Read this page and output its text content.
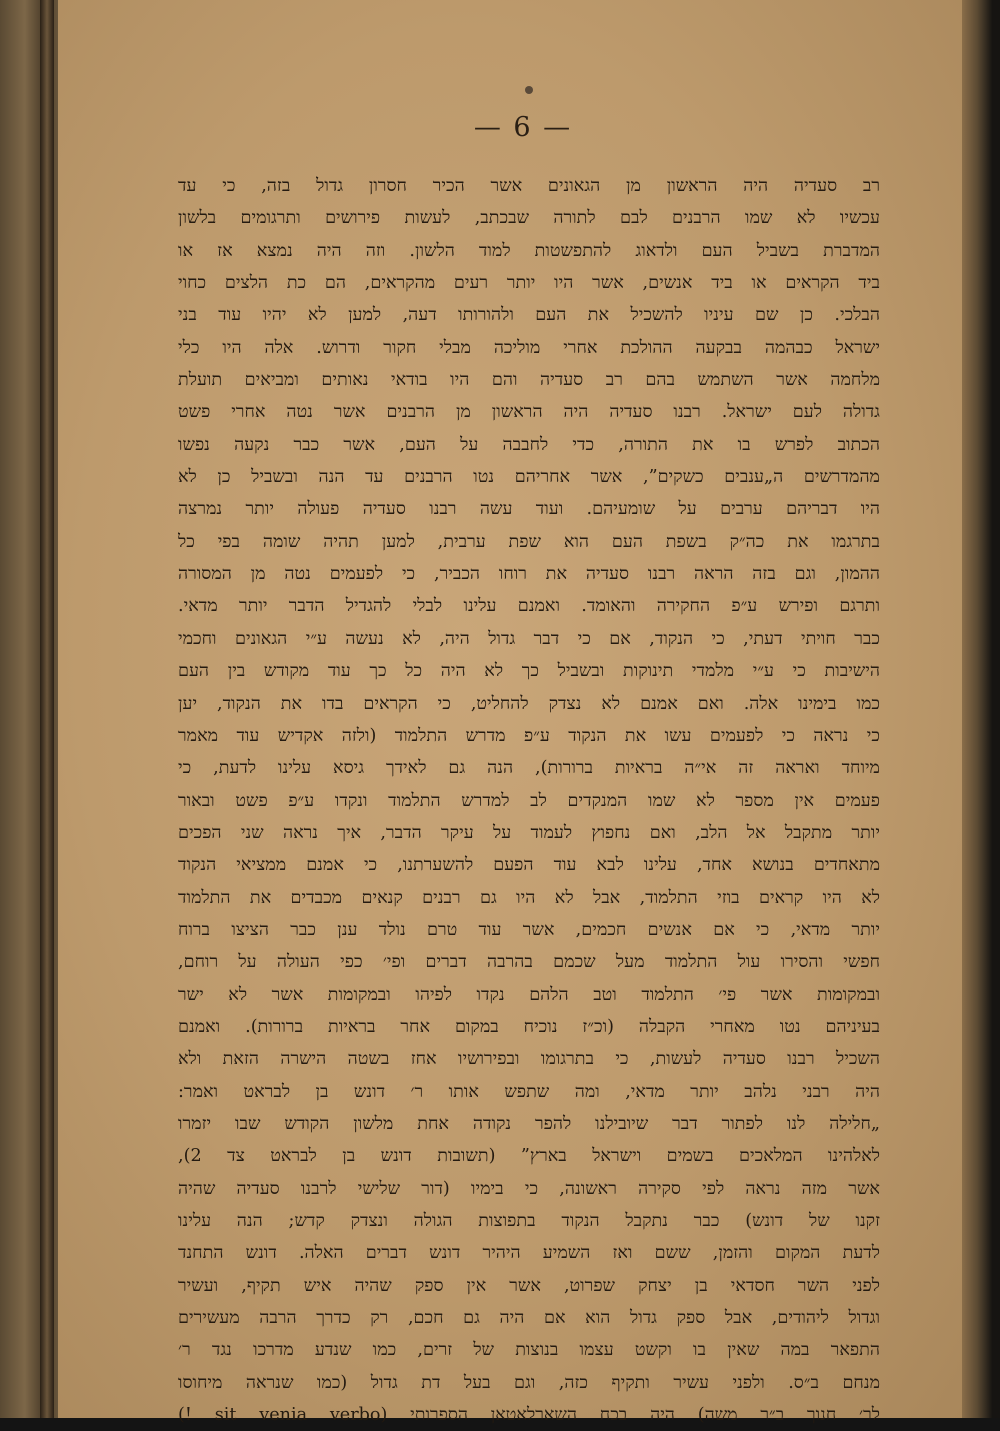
— 6 —
רב סעדיה היה הראשון מן הגאונים אשר הכיר חסרון גדול בזה, כי עד
עכשיו לא שמו הרבנים לבם לתורה שבכתב, לעשות פירושים ותרגומים בלשון
המדברת בשביל העם ולדאוג להתפשטות למוד הלשון. וזה היה נמצא אז או
ביד הקראים או ביד אנשים, אשר היו יותר רעים מהקראים, הם כת הלצים כחוי
הבלכי. כן שם עיניו להשכיל את העם ולהורותו דעה, למען לא יהיו עוד בני
ישראל כבהמה בבקעה ההולכת אחרי מוליכה מבלי חקור ודרוש. אלה היו כלי
מלחמה אשר השתמש בהם רב סעדיה והם היו בודאי נאותים ומביאים תועלת
גדולה לעם ישראל. רבנו סעדיה היה הראשון מן הרבנים אשר נטה אחרי פשט
הכתוב לפרש בו את התורה, כדי לחבבה על העם, אשר כבר נקעה נפשו
מהמדרשים ה„ענבים כשקים”, אשר אחריהם נטו הרבנים עד הנה ובשביל כן לא
היו דבריהם ערבים על שומעיהם. ועוד עשה רבנו סעדיה פעולה יותר נמרצה
בתרגמו את כה״ק בשפת העם הוא שפת ערבית, למען תהיה שומה בפי כל
ההמון, וגם בזה הראה רבנו סעדיה את רוחו הכביר, כי לפעמים נטה מן המסורה
ותרגם ופירש ע״פ החקירה והאומד. ואמנם עלינו לבלי להגדיל הדבר יותר מדאי.
כבר חויתי דעתי, כי הנקוד, אם כי דבר גדול היה, לא נעשה ע״י הגאונים וחכמי
הישיבות כי ע״י מלמדי תינוקות ובשביל כך לא היה כל כך עוד מקודש בין העם
כמו בימינו אלה. ואם אמנם לא נצדק להחליט, כי הקראים בדו את הנקוד, יען
כי נראה כי לפעמים עשו את הנקוד ע״פ מדרש התלמוד (ולזה אקדיש עוד מאמר
מיוחד ואראה זה אי״ה בראיות ברורות), הנה גם לאידך גיסא עלינו לדעת, כי
פעמים אין מספר לא שמו המנקדים לב למדרש התלמוד ונקדו ע״פ פשט ובאור
יותר מתקבל אל הלב, ואם נחפוץ לעמוד על עיקר הדבר, איך נראה שני הפכים
מתאחדים בנושא אחד, עלינו לבא עוד הפעם להשערתנו, כי אמנם ממציאי הנקוד
לא היו קראים בוזי התלמוד, אבל לא היו גם רבנים קנאים מכבדים את התלמוד
יותר מדאי, כי אם אנשים חכמים, אשר עוד טרם נולד ענן כבר הציצו ברוח
חפשי והסירו עול התלמוד מעל שכמם בהרבה דברים ופי׳ כפי העולה על רוחם,
ובמקומות אשר פי׳ התלמוד וטב הלהם נקדו לפיהו ובמקומות אשר לא ישר
בעיניהם נטו מאחרי הקבלה (וכ״ז נוכיח במקום אחר בראיות ברורות). ואמנם
השכיל רבנו סעדיה לעשות, כי בתרגומו ובפירושיו אחז בשטה הישרה הזאת ולא
היה רבני נלהב יותר מדאי, ומה שתפש אותו ר׳ דונש בן לבראט ואמר:
„חלילה לנו לפתור דבר שיובילנו להפר נקודה אחת מלשון הקודש שבו יזמרו
לאלהינו המלאכים בשמים וישראל בארץ” (תשובות דונש בן לבראט צד 2),
אשר מזה נראה לפי סקירה ראשונה, כי בימיו (דור שלישי לרבנו סעדיה שהיה
זקנו של דונש) כבר נתקבל הנקוד בתפוצות הגולה ונצדק קדש; הנה עלינו
לדעת המקום והזמן, ששם ואז השמיע היהיר דונש דברים האלה. דונש התחנד
לפני השר חסדאי בן יצחק שפרוט, אשר אין ספק שהיה איש תקיף, ועשיר
וגדול ליהודים, אבל ספק גדול הוא אם היה גם חכם, רק כדרך הרבה מעשירים
התפאר במה שאין בו וקשט עצמו בנוצות של זרים, כמו שנדע מדרכו נגד ר׳
מנחם ב״ס. ולפני עשיר ותקיף כזה, וגם בעל דת גדול (כמו שנראה מיחוסו
לר׳ חנוך ב״ר משה) היה בכח השארלאטאן הספרותי (sit venia verbo !)
